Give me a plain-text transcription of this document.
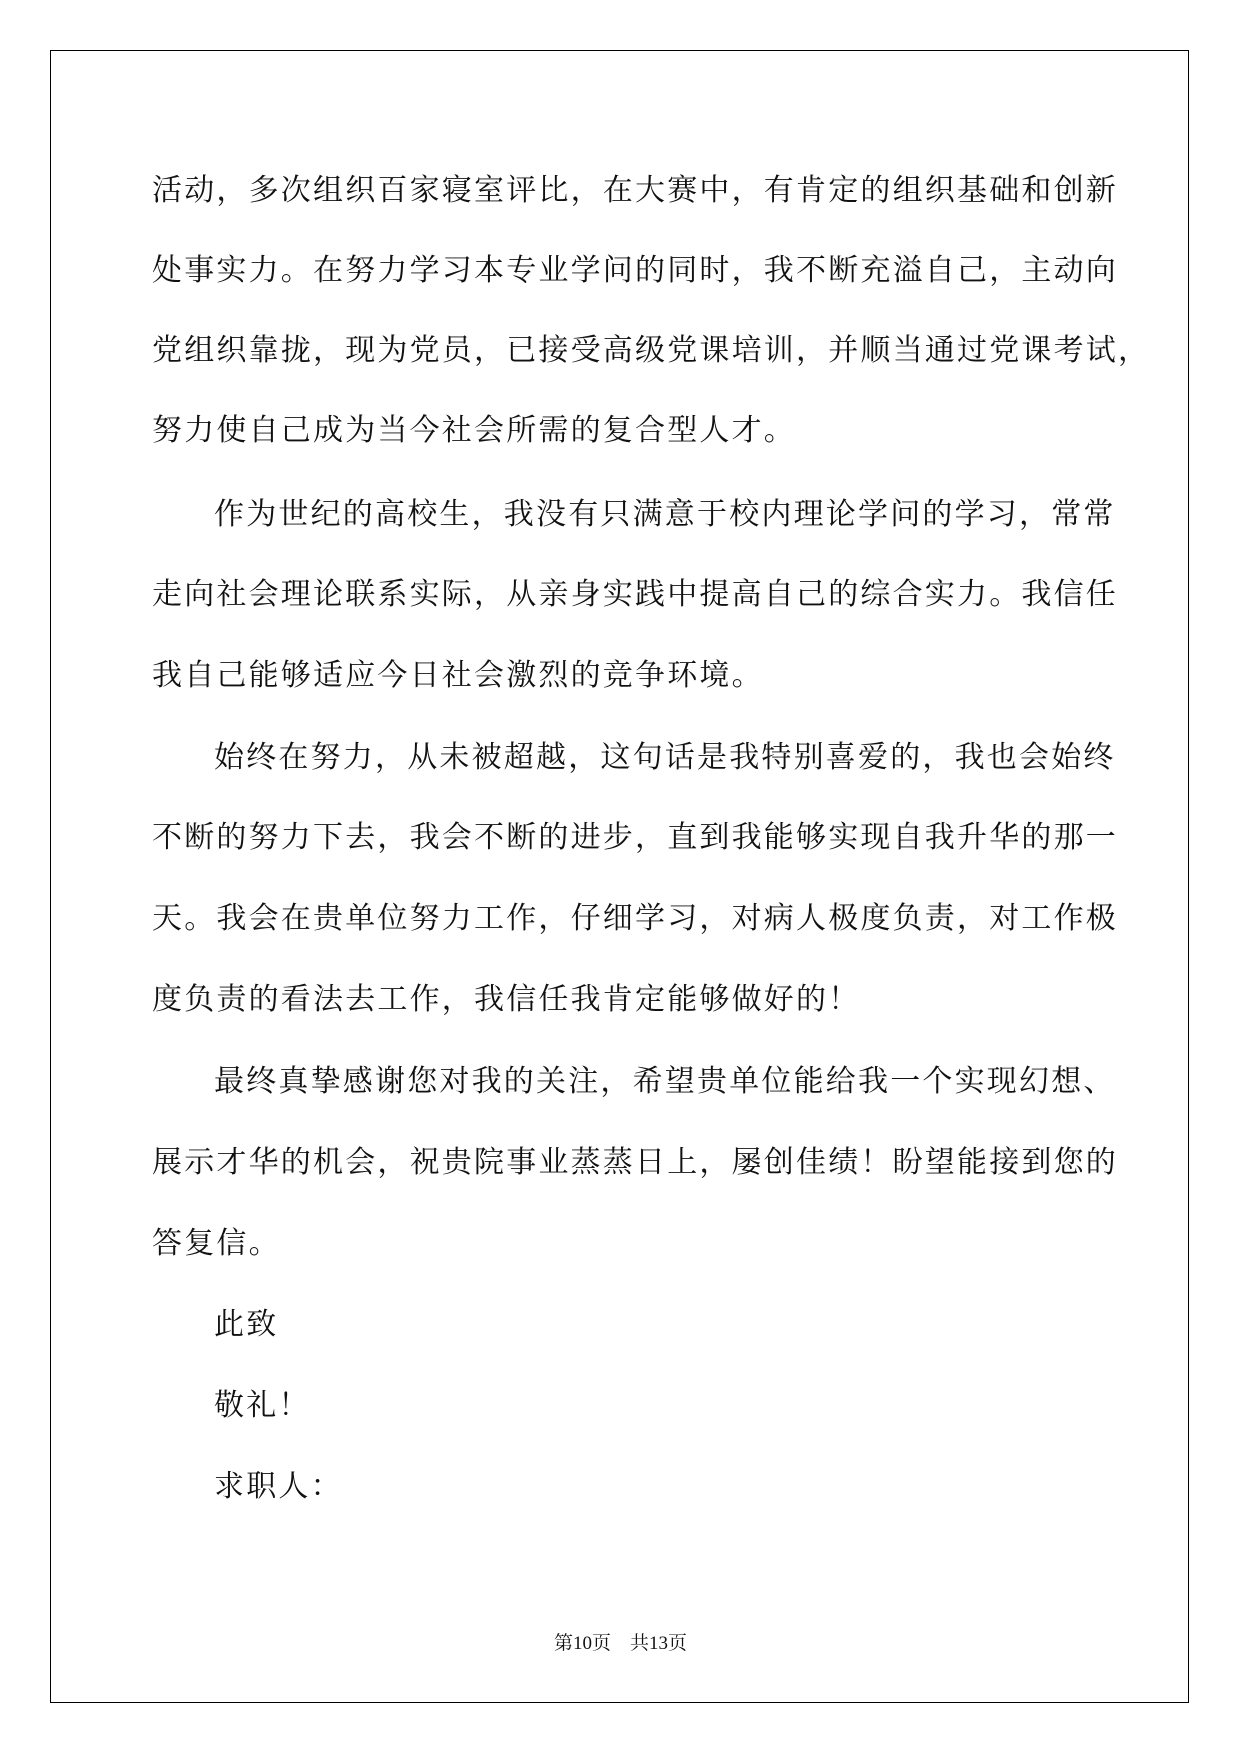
活动，多次组织百家寝室评比，在大赛中，有肯定的组织基础和创新

处事实力。在努力学习本专业学问的同时，我不断充溢自己，主动向

党组织靠拢，现为党员，已接受高级党课培训，并顺当通过党课考试，

努力使自己成为当今社会所需的复合型人才。

作为世纪的高校生，我没有只满意于校内理论学问的学习，常常

走向社会理论联系实际，从亲身实践中提高自己的综合实力。我信任

我自己能够适应今日社会激烈的竞争环境。

始终在努力，从未被超越，这句话是我特别喜爱的，我也会始终

不断的努力下去，我会不断的进步，直到我能够实现自我升华的那一

天。我会在贵单位努力工作，仔细学习，对病人极度负责，对工作极

度负责的看法去工作，我信任我肯定能够做好的！

最终真挚感谢您对我的关注，希望贵单位能给我一个实现幻想、

展示才华的机会，祝贵院事业蒸蒸日上，屡创佳绩！盼望能接到您的

答复信。

此致

敬礼！

求职人：

第10页　共13页
